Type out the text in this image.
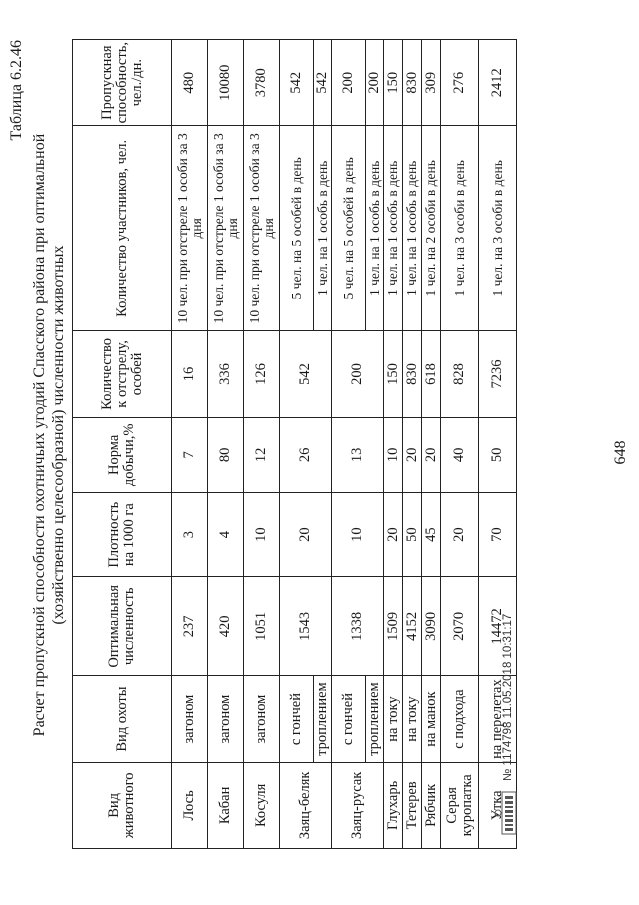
Таблица 6.2.46
Расчет пропускной способности охотничьих угодий Спасского района при оптимальной (хозяйственно целесообразной) численности животных
Вид животного	Вид охоты	Оптимальная численность	Плотность на 1000 га	Норма добычи,%	Количество к отстрелу, особей	Количество участников, чел.	Пропускная способность, чел./дн.
Лось	загоном	237	3	7	16	10 чел. при отстреле 1 особи за 3 дня	480
Кабан	загоном	420	4	80	336	10 чел. при отстреле 1 особи за 3 дня	10080
Косуля	загоном	1051	10	12	126	10 чел. при отстреле 1 особи за 3 дня	3780
Заяц-беляк	с гончей	1543	20	26	542	5 чел. на 5 особей в день	542
	троплением					1 чел. на 1 особь в день	542
Заяц-русак	с гончей	1338	10	13	200	5 чел. на 5 особей в день	200
	троплением					1 чел. на 1 особь в день	200
Глухарь	на току	1509	20	10	150	1 чел. на 1 особь в день	150
Тетерев	на току	4152	50	20	830	1 чел. на 1 особь в день	830
Рябчик	на манок	3090	45	20	618	1 чел. на 2 особи в день	309
Серая куропатка	с подхода	2070	20	40	828	1 чел. на 3 особи в день	276
Утка	на перелетах	14472	70	50	7236	1 чел. на 3 особи в день	2412
№ 1174798 11.05.2018 10:31:17
648
